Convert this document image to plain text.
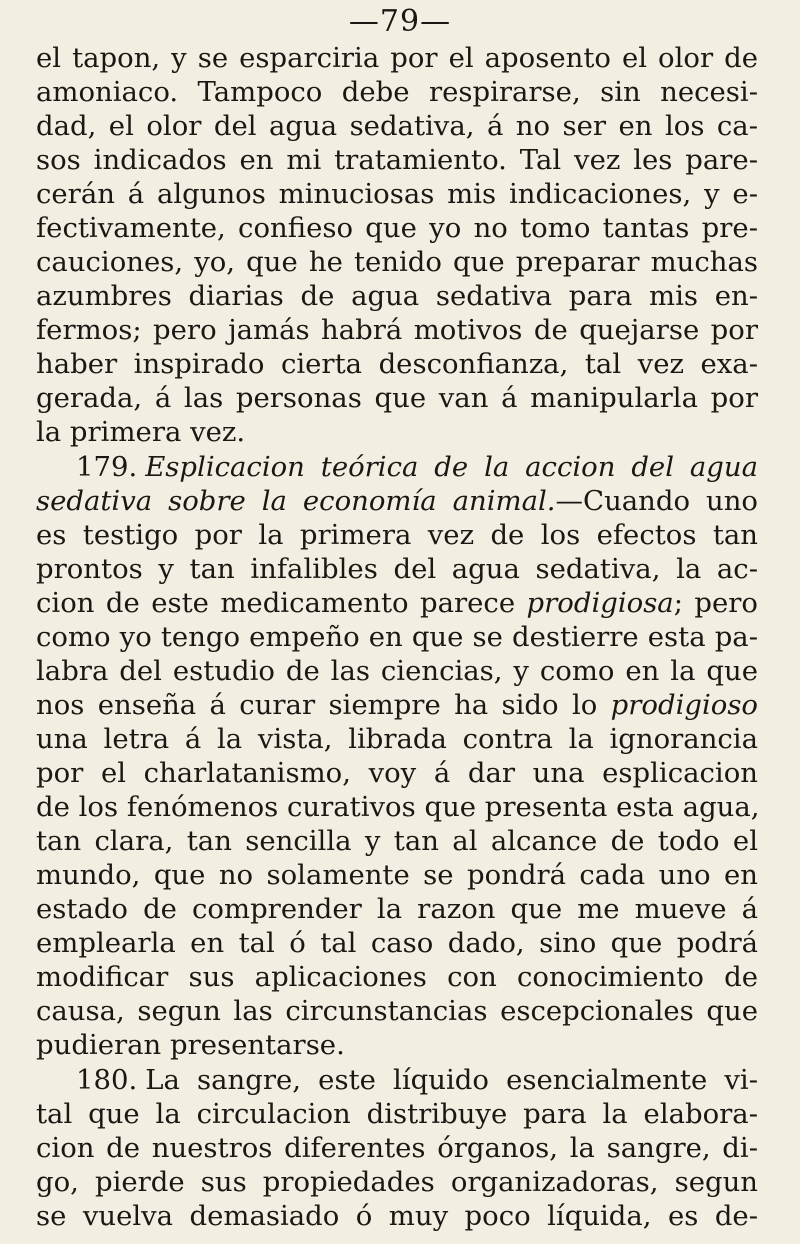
—79—
el tapon, y se esparciria por el aposento el olor de
amoniaco. Tampoco debe respirarse, sin necesi-
dad, el olor del agua sedativa, á no ser en los ca-
sos indicados en mi tratamiento. Tal vez les pare-
cerán á algunos minuciosas mis indicaciones, y e-
fectivamente, confieso que yo no tomo tantas pre-
cauciones, yo, que he tenido que preparar muchas
azumbres diarias de agua sedativa para mis en-
fermos; pero jamás habrá motivos de quejarse por
haber inspirado cierta desconfianza, tal vez exa-
gerada, á las personas que van á manipularla por
la primera vez.
179. Esplicacion teórica de la accion del agua
sedativa sobre la economía animal.—Cuando uno
es testigo por la primera vez de los efectos tan
prontos y tan infalibles del agua sedativa, la ac-
cion de este medicamento parece prodigiosa; pero
como yo tengo empeño en que se destierre esta pa-
labra del estudio de las ciencias, y como en la que
nos enseña á curar siempre ha sido lo prodigioso
una letra á la vista, librada contra la ignorancia
por el charlatanismo, voy á dar una esplicacion
de los fenómenos curativos que presenta esta agua,
tan clara, tan sencilla y tan al alcance de todo el
mundo, que no solamente se pondrá cada uno en
estado de comprender la razon que me mueve á
emplearla en tal ó tal caso dado, sino que podrá
modificar sus aplicaciones con conocimiento de
causa, segun las circunstancias escepcionales que
pudieran presentarse.
180. La sangre, este líquido esencialmente vi-
tal que la circulacion distribuye para la elabora-
cion de nuestros diferentes órganos, la sangre, di-
go, pierde sus propiedades organizadoras, segun
se vuelva demasiado ó muy poco líquida, es de-
